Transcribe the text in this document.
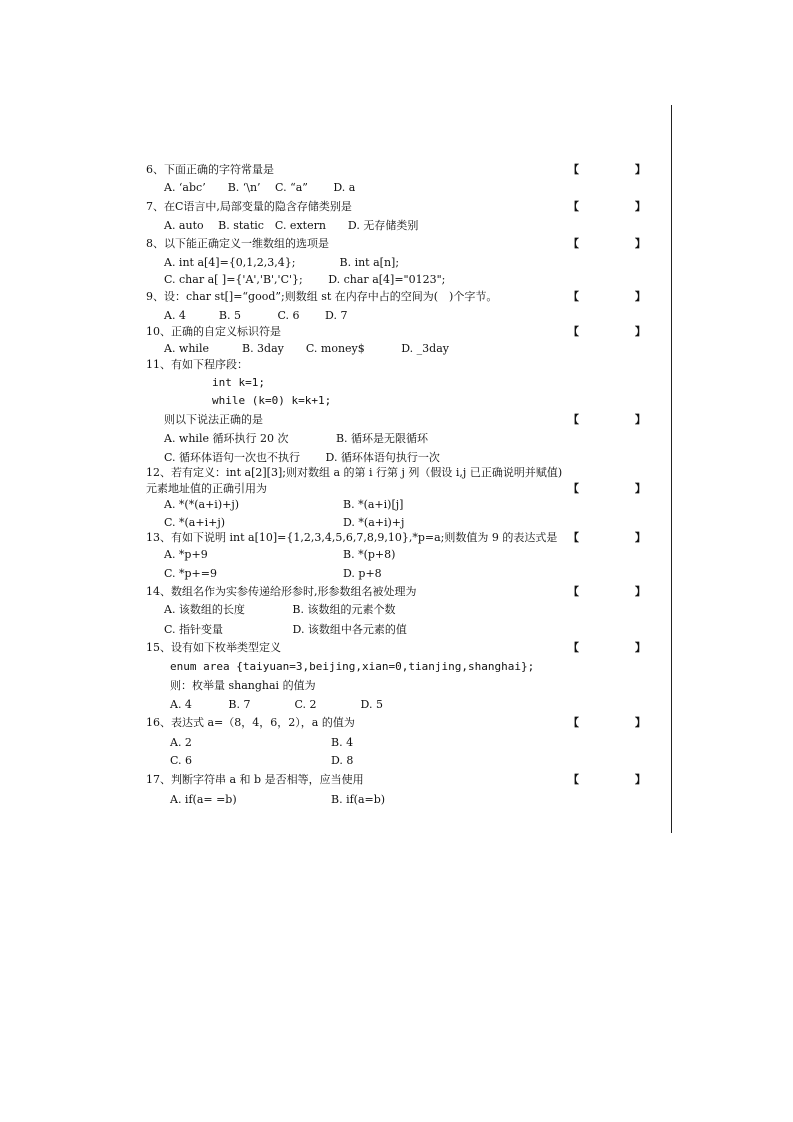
6、下面正确的字符常量是	【 】
A. ‘abc’　　B. ‘\n’　 C. “a”　　 D. a
7、在C语言中,局部变量的隐含存储类别是	【 】
A. auto　 B. static　C. extern　　D. 无存储类别
8、以下能正确定义一维数组的选项是	【 】
A. int a[4]={0,1,2,3,4};　　　　B. int a[n];
C. char a[ ]={'A','B','C'};　　 D. char a[4]="0123";
9、设：char st[]=“good”;则数组 st 在内存中占的空间为(　)个字节。	【 】
A. 4　　　B. 5　　　 C. 6　　 D. 7
10、正确的自定义标识符是	【 】
A. while　　　B. 3day　　C. money$　　　 D. _3day
11、有如下程序段：
int k=1;
while (k=0) k=k+1;
则以下说法正确的是	【 】
A. while 循环执行 20 次　　　　 B. 循环是无限循环
C. 循环体语句一次也不执行　　 D. 循环体语句执行一次
12、若有定义：int a[2][3];则对数组 a 的第 i 行第 j 列（假设 i,j 已正确说明并赋值)
元素地址值的正确引用为	【 】
A. *(*(a+i)+j)	B. *(a+i)[j]
C. *(a+i+j)	D. *(a+i)+j
13、有如下说明 int a[10]={1,2,3,4,5,6,7,8,9,10},*p=a;则数值为 9 的表达式是 【 】
A. *p+9	B. *(p+8)
C. *p+=9	D. p+8
14、数组名作为实参传递给形参时,形参数组名被处理为	【 】
A. 该数组的长度　　　　 B. 该数组的元素个数
C. 指针变量　　　　　　 D. 该数组中各元素的值
15、设有如下枚举类型定义	【 】
enum area {taiyuan=3,beijing,xian=0,tianjing,shanghai};
则：枚举量 shanghai 的值为
A. 4　　　 B. 7　　　　C. 2　　　　D. 5
16、表达式 a=（8，4，6，2），a 的值为	【 】
A. 2	B. 4
C. 6	D. 8
17、判断字符串 a 和 b 是否相等，应当使用	【 】
A. if(a= =b)	B. if(a=b)
